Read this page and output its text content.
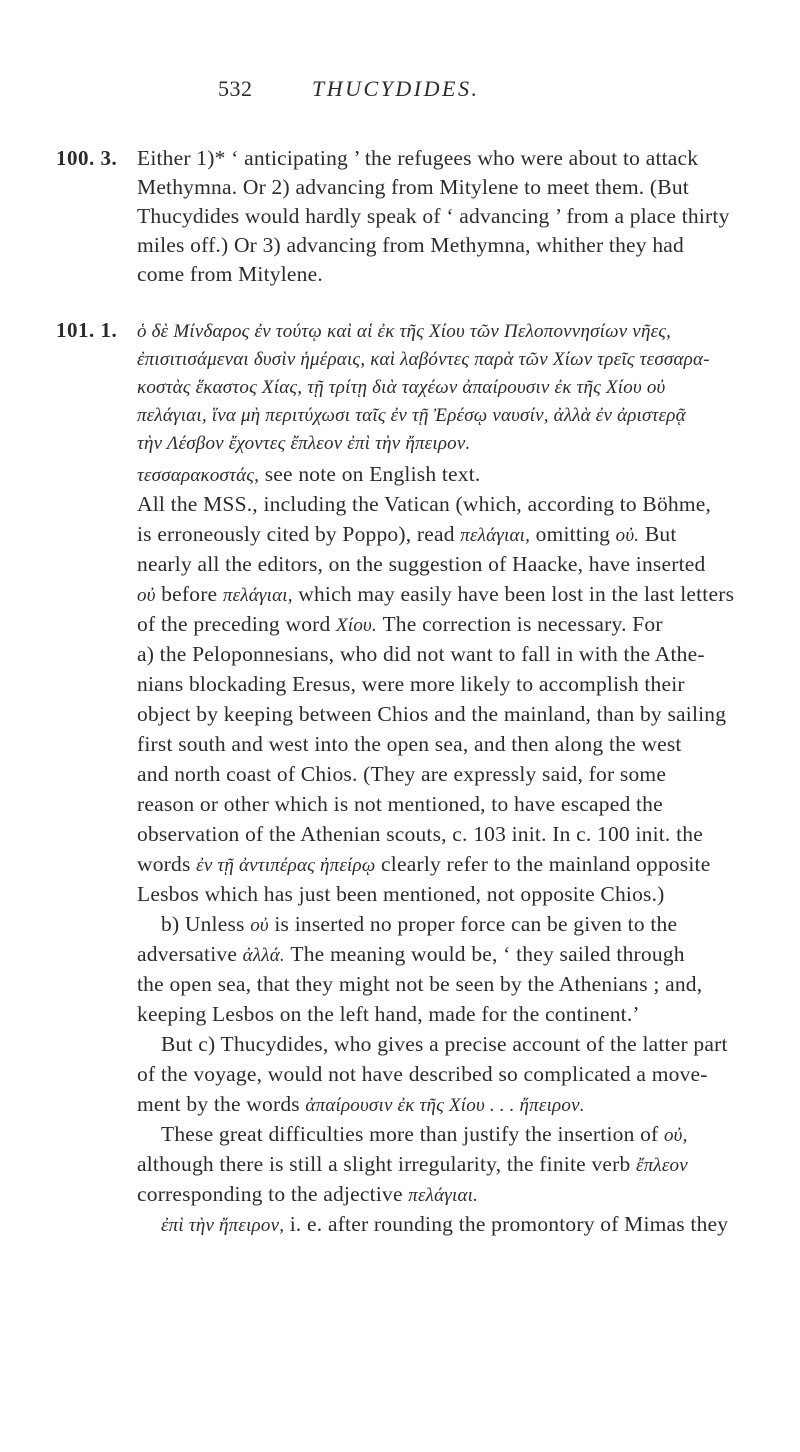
532	THUCYDIDES.
100. 3. Either 1)* ‘ anticipating ’ the refugees who were about to attack
Methymna. Or 2) advancing from Mitylene to meet them. (But
Thucydides would hardly speak of ‘ advancing ’ from a place thirty
miles off.) Or 3) advancing from Methymna, whither they had
come from Mitylene.
101. 1. ὁ δὲ Μίνδαρος ἐν τούτῳ καὶ αἱ ἐκ τῆς Χίου τῶν Πελοποννησίων νῆες,
ἐπισιτισάμεναι δυσὶν ἡμέραις, καὶ λαβόντες παρὰ τῶν Χίων τρεῖς τεσσαρα-
κοστὰς ἕκαστος Χίας, τῇ τρίτῃ διὰ ταχέων ἀπαίρουσιν ἐκ τῆς Χίου οὐ
πελάγιαι, ἵνα μὴ περιτύχωσι ταῖς ἐν τῇ Ἐρέσῳ ναυσίν, ἀλλὰ ἐν ἀριστερᾷ
τὴν Λέσβον ἔχοντες ἔπλεον ἐπὶ τὴν ἤπειρον.
τεσσαρακοστάς, see note on English text.
All the MSS., including the Vatican (which, according to Böhme,
is erroneously cited by Poppo), read πελάγιαι, omitting οὐ. But
nearly all the editors, on the suggestion of Haacke, have inserted
οὐ before πελάγιαι, which may easily have been lost in the last letters
of the preceding word Χίου. The correction is necessary. For
a) the Peloponnesians, who did not want to fall in with the Athe-
nians blockading Eresus, were more likely to accomplish their
object by keeping between Chios and the mainland, than by sailing
first south and west into the open sea, and then along the west
and north coast of Chios. (They are expressly said, for some
reason or other which is not mentioned, to have escaped the
observation of the Athenian scouts, c. 103 init. In c. 100 init. the
words ἐν τῇ ἀντιπέρας ἠπείρῳ clearly refer to the mainland opposite
Lesbos which has just been mentioned, not opposite Chios.)
b) Unless οὐ is inserted no proper force can be given to the
adversative ἀλλά. The meaning would be, ‘ they sailed through
the open sea, that they might not be seen by the Athenians ; and,
keeping Lesbos on the left hand, made for the continent.’
But c) Thucydides, who gives a precise account of the latter part
of the voyage, would not have described so complicated a move-
ment by the words ἀπαίρουσιν ἐκ τῆς Χίου . . . ἤπειρον.
These great difficulties more than justify the insertion of οὐ,
although there is still a slight irregularity, the finite verb ἔπλεον
corresponding to the adjective πελάγιαι.
ἐπὶ τὴν ἤπειρον, i. e. after rounding the promontory of Mimas they
